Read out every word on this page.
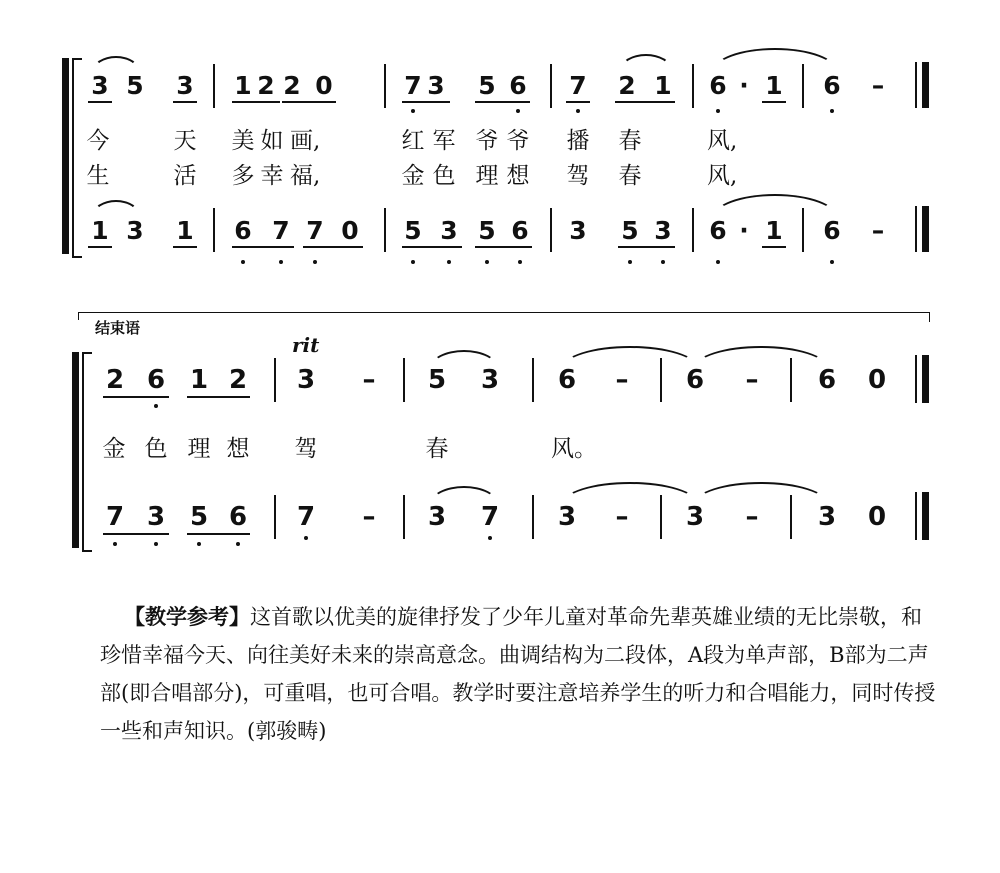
3 5 3 1 2 2 0	7 3 5 6 7 2 1 6 · 1 6 –
今	天 美 如 画,	红 军 爷 爷 播 春	风,
生	活 多 幸 福,	金 色 理 想 驾 春	风,
1 3 1 6 7 7 0 5 3 5 6 3 5 3 6 · 1 6 –
结束语
rit
2 6 1 2 3 – 5 3 6 – 6 – 6 0
金 色 理 想 驾	春	风。
7 3 5 6 7 – 3 7 3 – 3 – 3 0
【教学参考】这首歌以优美的旋律抒发了少年儿童对革命先辈英雄业绩的无比崇敬，和珍惜幸福今天、向往美好未来的崇高意念。曲调结构为二段体，A段为单声部，B部为二声部(即合唱部分)，可重唱，也可合唱。教学时要注意培养学生的听力和合唱能力，同时传授一些和声知识。(郭骏畴)
